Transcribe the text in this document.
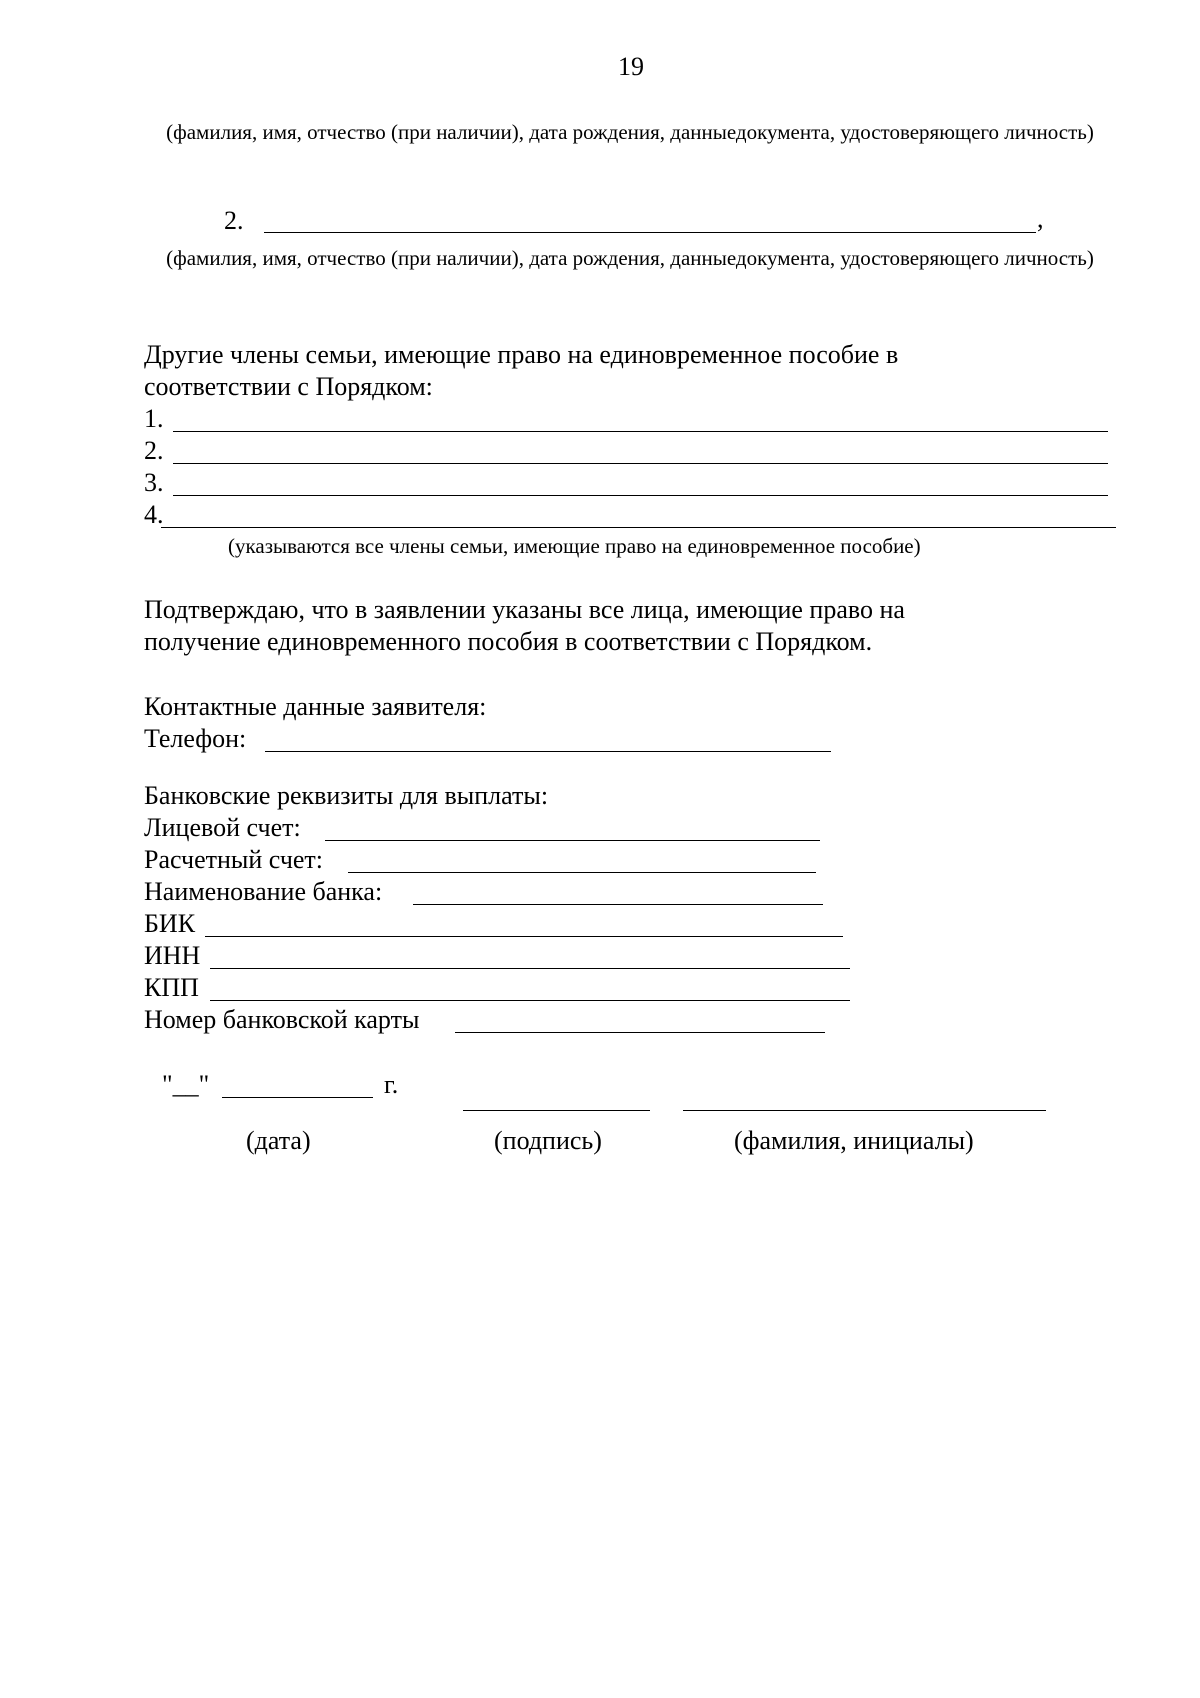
19
(фамилия, имя, отчество (при наличии), дата рождения, данныедокумента, удостоверяющего личность)
2.	,
(фамилия, имя, отчество (при наличии), дата рождения, данныедокумента, удостоверяющего личность)
Другие члены семьи, имеющие право на единовременное пособие в
соответствии с Порядком:
1.
2.
3.
4.
(указываются все члены семьи, имеющие право на единовременное пособие)
Подтверждаю, что в заявлении указаны все лица, имеющие право на
получение единовременного пособия в соответствии с Порядком.
Контактные данные заявителя:
Телефон:
Банковские реквизиты для выплаты:
Лицевой счет:
Расчетный счет:
Наименование банка:
БИК
ИНН
КПП
Номер банковской карты
"__"	г.
(дата)	(подпись)	(фамилия, инициалы)
